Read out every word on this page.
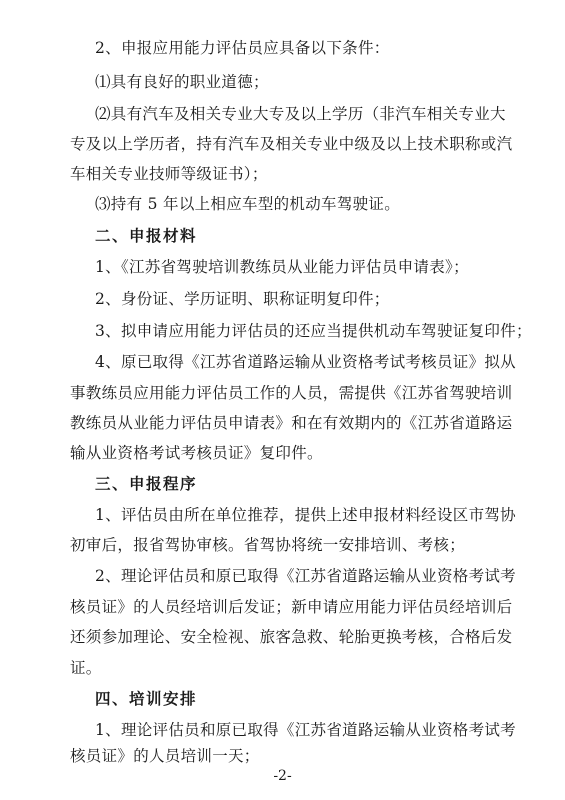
2、申报应用能力评估员应具备以下条件：
⑴具有良好的职业道德；
⑵具有汽车及相关专业大专及以上学历（非汽车相关专业大
专及以上学历者，持有汽车及相关专业中级及以上技术职称或汽
车相关专业技师等级证书）；
⑶持有 5 年以上相应车型的机动车驾驶证。
二、申报材料
1、《江苏省驾驶培训教练员从业能力评估员申请表》；
2、身份证、学历证明、职称证明复印件；
3、拟申请应用能力评估员的还应当提供机动车驾驶证复印件；
4、原已取得《江苏省道路运输从业资格考试考核员证》拟从
事教练员应用能力评估员工作的人员，需提供《江苏省驾驶培训
教练员从业能力评估员申请表》和在有效期内的《江苏省道路运
输从业资格考试考核员证》复印件。
三、申报程序
1、评估员由所在单位推荐，提供上述申报材料经设区市驾协
初审后，报省驾协审核。省驾协将统一安排培训、考核；
2、理论评估员和原已取得《江苏省道路运输从业资格考试考
核员证》的人员经培训后发证；新申请应用能力评估员经培训后
还须参加理论、安全检视、旅客急救、轮胎更换考核，合格后发
证。
四、培训安排
1、理论评估员和原已取得《江苏省道路运输从业资格考试考
核员证》的人员培训一天；
-2-
